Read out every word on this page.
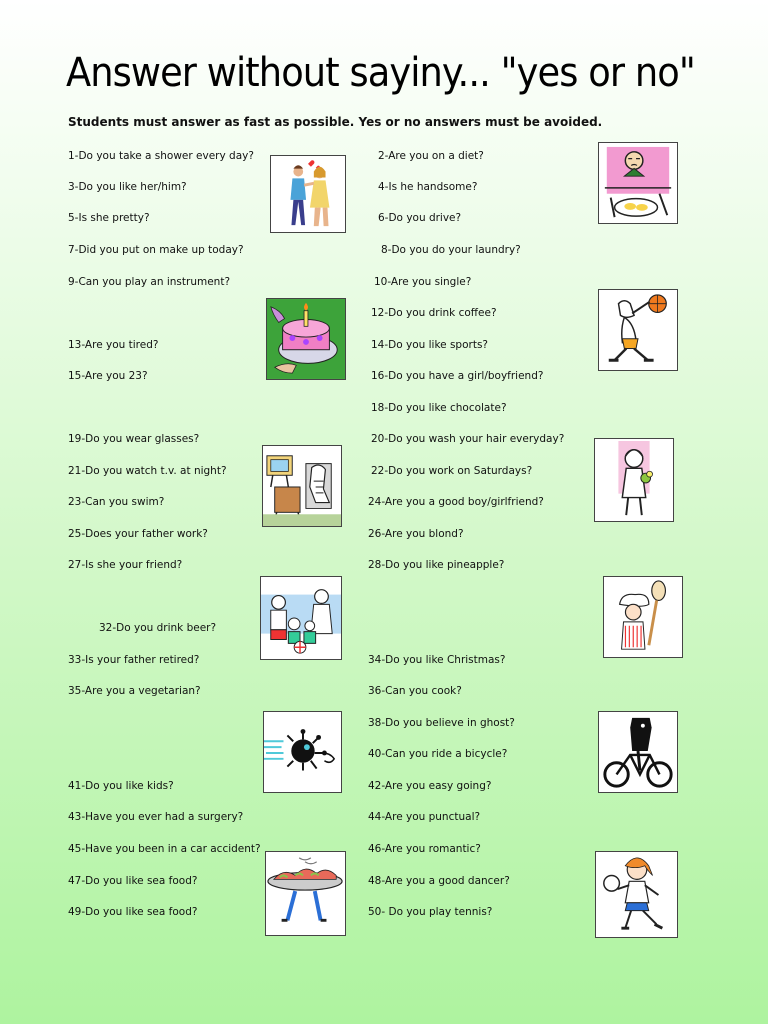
Answer without sayiny... "yes or no"
Students must answer as fast as possible. Yes or no answers must be avoided.
1-Do you take a shower every day?
3-Do you like her/him?
5-Is she pretty?
7-Did you put on make up today?
9-Can you play an instrument?
13-Are you tired?
15-Are you 23?
19-Do you wear glasses?
21-Do you watch t.v. at night?
23-Can you swim?
25-Does your father work?
27-Is she your friend?
32-Do you drink beer?
33-Is your father retired?
35-Are you a vegetarian?
41-Do you like kids?
43-Have you ever had a surgery?
45-Have you been in a car accident?
47-Do you like sea food?
49-Do you like sea food?
2-Are you on a diet?
4-Is he handsome?
6-Do you drive?
8-Do you do your laundry?
10-Are you single?
12-Do you drink coffee?
14-Do you like sports?
16-Do you have a girl/boyfriend?
18-Do you like chocolate?
20-Do you wash your hair everyday?
22-Do you work on Saturdays?
24-Are you a good boy/girlfriend?
26-Are you blond?
28-Do you like pineapple?
34-Do you like Christmas?
36-Can you cook?
38-Do you believe in ghost?
40-Can you ride a bicycle?
42-Are you easy going?
44-Are you punctual?
46-Are you romantic?
48-Are you a good dancer?
50- Do you play tennis?
